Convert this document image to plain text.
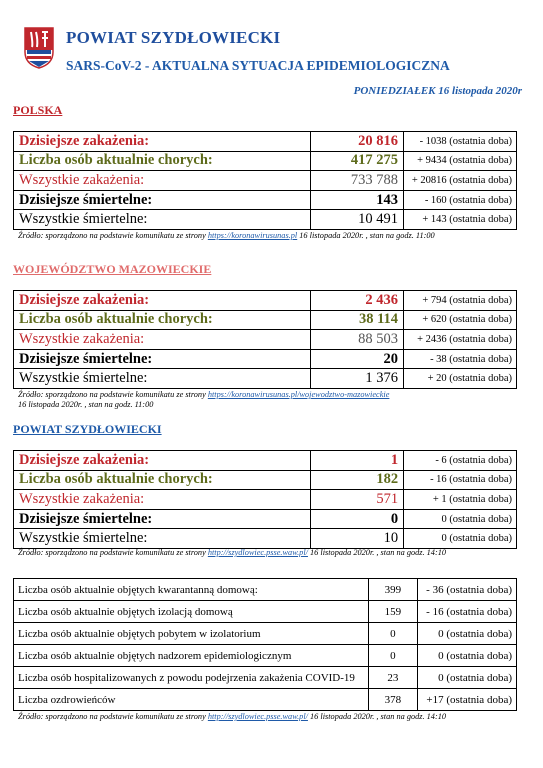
POWIAT SZYDŁOWIECKI
SARS-CoV-2 - AKTUALNA SYTUACJA EPIDEMIOLOGICZNA
PONIEDZIAŁEK 16 listopada 2020r
POLSKA
Dzisiejsze zakażenia:	20 816	- 1038 (ostatnia doba)
Liczba osób aktualnie chorych:	417 275	+ 9434 (ostatnia doba)
Wszystkie zakażenia:	733 788	+ 20816 (ostatnia doba)
Dzisiejsze śmiertelne:	143	- 160 (ostatnia doba)
Wszystkie śmiertelne:	10 491	+ 143 (ostatnia doba)
Źródło: sporządzono na podstawie komunikatu ze strony https://koronawirusunas.pl 16 listopada 2020r. , stan na godz. 11:00
WOJEWÓDZTWO MAZOWIECKIE
Dzisiejsze zakażenia:	2 436	+ 794 (ostatnia doba)
Liczba osób aktualnie chorych:	38 114	+ 620 (ostatnia doba)
Wszystkie zakażenia:	88 503	+ 2436 (ostatnia doba)
Dzisiejsze śmiertelne:	20	- 38 (ostatnia doba)
Wszystkie śmiertelne:	1 376	+ 20 (ostatnia doba)
Źródło: sporządzono na podstawie komunikatu ze strony https://koronawirusunas.pl/wojewodztwo-mazowieckie
16 listopada 2020r. , stan na godz. 11:00
POWIAT SZYDŁOWIECKI
Dzisiejsze zakażenia:	1	- 6 (ostatnia doba)
Liczba osób aktualnie chorych:	182	- 16 (ostatnia doba)
Wszystkie zakażenia:	571	+ 1 (ostatnia doba)
Dzisiejsze śmiertelne:	0	0 (ostatnia doba)
Wszystkie śmiertelne:	10	0 (ostatnia doba)
Źródło: sporządzono na podstawie komunikatu ze strony http://szydlowiec.psse.waw.pl/ 16 listopada 2020r. , stan na godz. 14:10
Liczba osób aktualnie objętych kwarantanną domową:	399	- 36 (ostatnia doba)
Liczba osób aktualnie objętych izolacją domową	159	- 16 (ostatnia doba)
Liczba osób aktualnie objętych pobytem w izolatorium	0	0 (ostatnia doba)
Liczba osób aktualnie objętych nadzorem epidemiologicznym	0	0 (ostatnia doba)
Liczba osób hospitalizowanych z powodu podejrzenia zakażenia COVID-19	23	0 (ostatnia doba)
Liczba ozdrowieńców	378	+17 (ostatnia doba)
Źródło: sporządzono na podstawie komunikatu ze strony http://szydlowiec.psse.waw.pl/ 16 listopada 2020r. , stan na godz. 14:10
